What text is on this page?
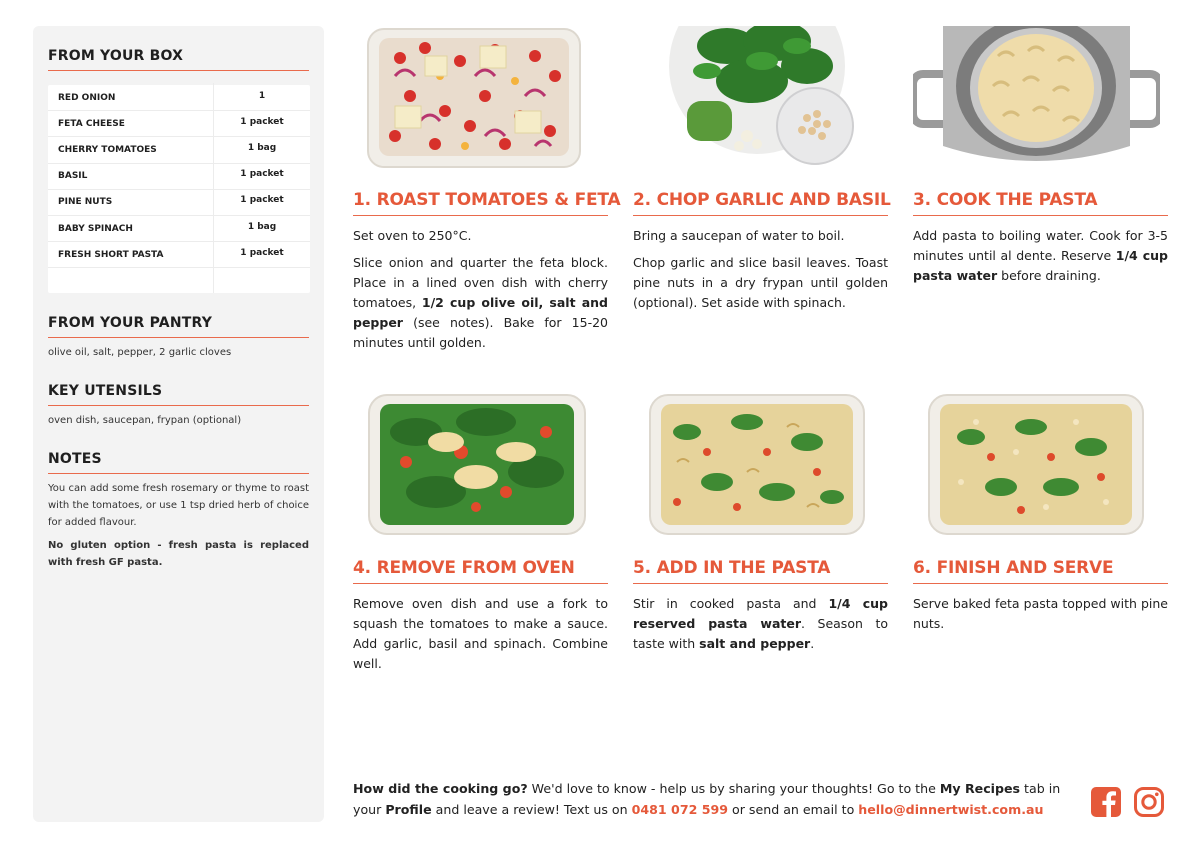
FROM YOUR BOX
RED ONION	1
FETA CHEESE	1 packet
CHERRY TOMATOES	1 bag
BASIL	1 packet
PINE NUTS	1 packet
BABY SPINACH	1 bag
FRESH SHORT PASTA	1 packet
FROM YOUR PANTRY
olive oil, salt, pepper, 2 garlic cloves
KEY UTENSILS
oven dish, saucepan, frypan (optional)
NOTES
You can add some fresh rosemary or thyme to roast with the tomatoes, or use 1 tsp dried herb of choice for added flavour.
No gluten option - fresh pasta is replaced with fresh GF pasta.
1. ROAST TOMATOES & FETA

Set oven to 250°C.

Slice onion and quarter the feta block. Place in a lined oven dish with cherry tomatoes, 1/2 cup olive oil, salt and pepper (see notes). Bake for 15-20 minutes until golden.

2. CHOP GARLIC AND BASIL

Bring a saucepan of water to boil.

Chop garlic and slice basil leaves. Toast pine nuts in a dry frypan until golden (optional). Set aside with spinach.

3. COOK THE PASTA

Add pasta to boiling water. Cook for 3-5 minutes until al dente. Reserve 1/4 cup pasta water before draining.

4. REMOVE FROM OVEN

Remove oven dish and use a fork to squash the tomatoes to make a sauce. Add garlic, basil and spinach. Combine well.

5. ADD IN THE PASTA

Stir in cooked pasta and 1/4 cup reserved pasta water. Season to taste with salt and pepper.

6. FINISH AND SERVE

Serve baked feta pasta topped with pine nuts.

How did the cooking go? We'd love to know - help us by sharing your thoughts! Go to the My Recipes tab in your Profile and leave a review! Text us on 0481 072 599 or send an email to hello@dinnertwist.com.au
